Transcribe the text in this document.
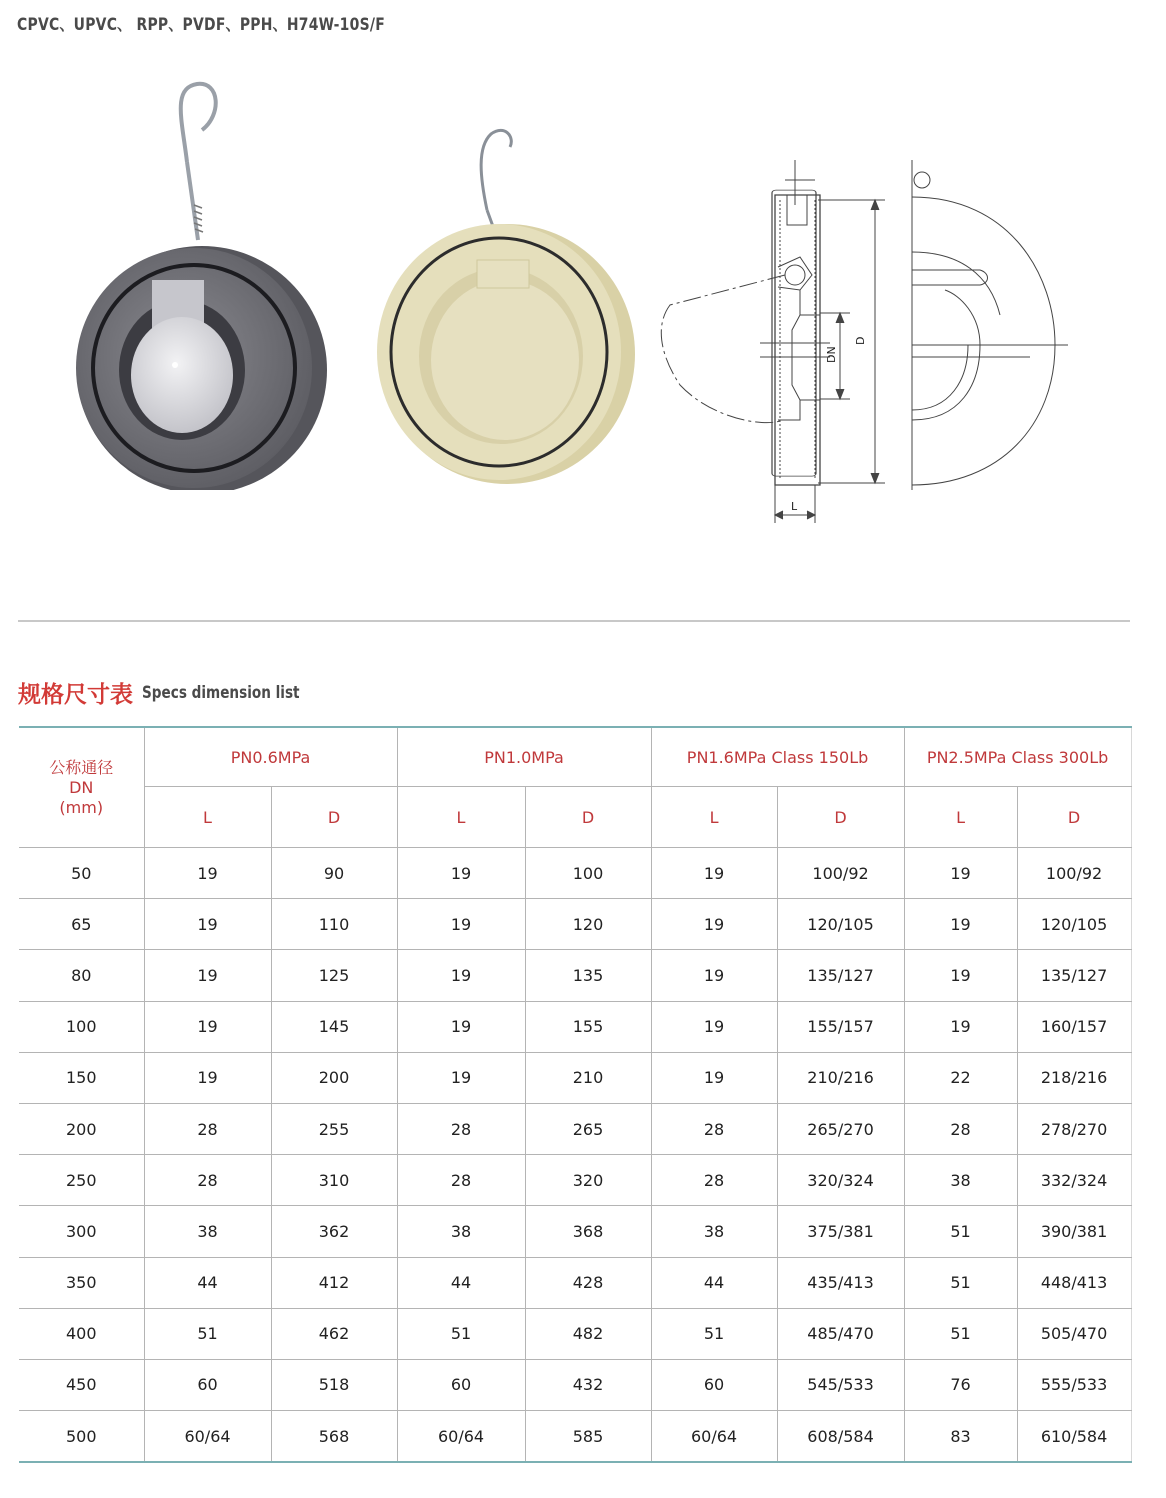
CPVC、UPVC、 RPP、PVDF、PPH、H74W-10S/F
D
DN
L
规格尺寸表 Specs dimension list
公称通径
DN
(mm)	PN0.6MPa		PN1.0MPa		PN1.6MPa Class 150Lb		PN2.5MPa Class 300Lb	
	L	D	L	D	L	D	L	D
50	19	90	19	100	19	100/92	19	100/92
65	19	110	19	120	19	120/105	19	120/105
80	19	125	19	135	19	135/127	19	135/127
100	19	145	19	155	19	155/157	19	160/157
150	19	200	19	210	19	210/216	22	218/216
200	28	255	28	265	28	265/270	28	278/270
250	28	310	28	320	28	320/324	38	332/324
300	38	362	38	368	38	375/381	51	390/381
350	44	412	44	428	44	435/413	51	448/413
400	51	462	51	482	51	485/470	51	505/470
450	60	518	60	432	60	545/533	76	555/533
500	60/64	568	60/64	585	60/64	608/584	83	610/584
